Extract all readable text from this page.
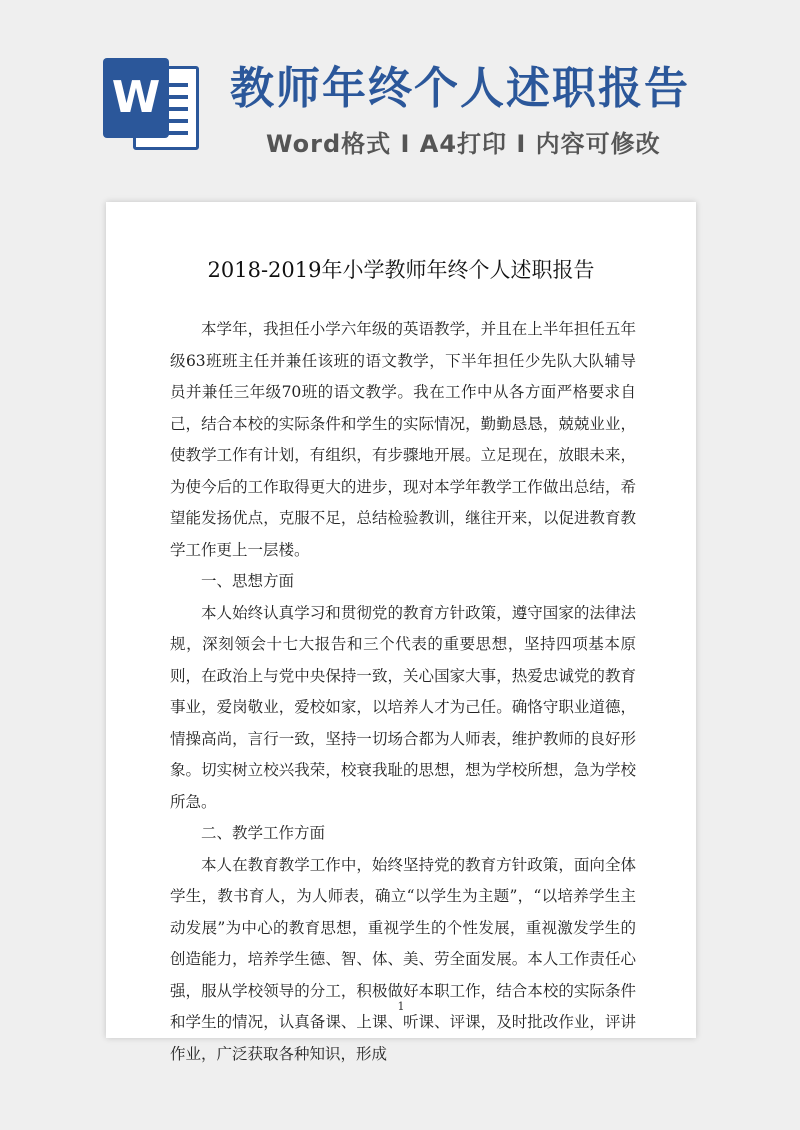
W 教师年终个人述职报告
Word格式 I A4打印 I 内容可修改
2018-2019年小学教师年终个人述职报告

本学年，我担任小学六年级的英语教学，并且在上半年担任五年级63班班主任并兼任该班的语文教学，下半年担任少先队大队辅导员并兼任三年级70班的语文教学。我在工作中从各方面严格要求自己，结合本校的实际条件和学生的实际情况，勤勤恳恳，兢兢业业，使教学工作有计划，有组织，有步骤地开展。立足现在，放眼未来，为使今后的工作取得更大的进步，现对本学年教学工作做出总结，希望能发扬优点，克服不足，总结检验教训，继往开来，以促进教育教学工作更上一层楼。

一、思想方面

本人始终认真学习和贯彻党的教育方针政策，遵守国家的法律法规，深刻领会十七大报告和三个代表的重要思想，坚持四项基本原则，在政治上与党中央保持一致，关心国家大事，热爱忠诚党的教育事业，爱岗敬业，爱校如家，以培养人才为己任。确恪守职业道德，情操高尚，言行一致，坚持一切场合都为人师表，维护教师的良好形象。切实树立校兴我荣，校衰我耻的思想，想为学校所想，急为学校所急。

二、教学工作方面

本人在教育教学工作中，始终坚持党的教育方针政策，面向全体学生，教书育人，为人师表，确立“以学生为主题”，“以培养学生主动发展”为中心的教育思想，重视学生的个性发展，重视激发学生的创造能力，培养学生德、智、体、美、劳全面发展。本人工作责任心强，服从学校领导的分工，积极做好本职工作，结合本校的实际条件和学生的情况，认真备课、上课、听课、评课，及时批改作业，评讲作业，广泛获取各种知识，形成

1
